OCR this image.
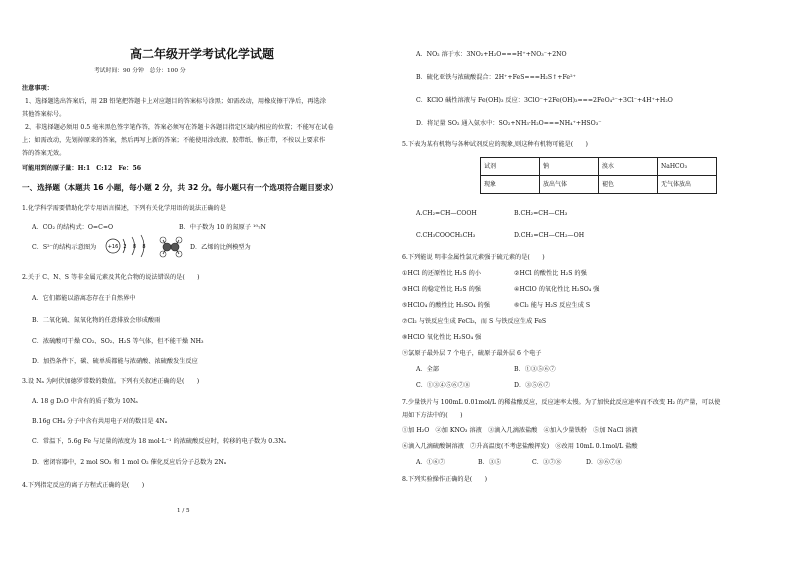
高二年级开学考试化学试题
考试时间：90 分钟　总分：100 分
注意事项：
1、选择题选出答案后，用 2B 铅笔把答题卡上对应题目的答案标号涂黑；如需改动，用橡皮擦干净后，再选涂
其他答案标号。
2、非选择题必须用 0.5 毫米黑色签字笔作答，答案必须写在答题卡各题目指定区域内相应的位置；不能写在试卷
上；如需改动，先划掉原来的答案，然后再写上新的答案；不能使用涂改液、胶带纸、修正带，不按以上要求作
答的答案无效。
可能用到的原子量：H:1　C:12　Fe：56
一、选择题（本题共 16 小题，每小题 2 分，共 32 分。每小题只有一个选项符合题目要求）
1.化学科学需要借助化学专用语言描述，下列有关化学用语的说法正确的是
A．CO₂ 的结构式：O=C=O	B．中子数为 10 的氮原子 ¹⁰₇N
C．S²⁻的结构示意图为 +16 2 8 8	D．乙烯的比例模型为
2.关于 C、N、S 等非金属元素及其化合物的说法错误的是(　　)
A．它们都能以游离态存在于自然界中
B．二氧化硫、氮氧化物的任意排放会形成酸雨
C．浓硫酸可干燥 CO₂、SO₂、H₂S 等气体，但不能干燥 NH₃
D．加热条件下，碳、硫单质都能与浓硝酸、浓硫酸发生反应
3.设 Nₐ 为阿伏加德罗常数的数值。下列有关叙述正确的是(　　)
A. 18 g D₂O 中含有的质子数为 10Nₐ
B.16g CH₄ 分子中含有共用电子对的数目是 4Nₐ
C．常温下，5.6g Fe 与足量的浓度为 18 mol·L⁻¹ 的浓硫酸反应时，转移的电子数为 0.3Nₐ
D．密闭容器中，2 mol SO₂ 和 1 mol O₂ 催化反应后分子总数为 2Nₐ
4.下列指定反应的离子方程式正确的是(　　)
1 / 5
A．NO₂ 溶于水：3NO₂+H₂O===H⁺+NO₃⁻+2NO
B．硫化亚铁与浓硫酸混合：2H⁺+FeS===H₂S↑+Fe²⁺
C．KClO 碱性溶液与 Fe(OH)₃ 反应：3ClO⁻+2Fe(OH)₃===2FeO₄²⁻+3Cl⁻+4H⁺+H₂O
D．将足量 SO₂ 通入氨水中：SO₂+NH₃·H₂O===NH₄⁺+HSO₃⁻
5.下表为某有机物与各种试剂反应的现象,则这种有机物可能是(　　)
试剂	钠	溴水	NaHCO₃
现象	放出气体	褪色	无气体放出
A.CH₂=CH—COOH	B.CH₂=CH—CH₃
C.CH₃COOCH₂CH₃	D.CH₂=CH—CH₂—OH
6.下列能说 明非金属性氯元素强于硫元素的是(　　)
①HCl 的还原性比 H₂S 的小	②HCl 的酸性比 H₂S 的强
③HCl 的稳定性比 H₂S 的强	④HClO 的氧化性比 H₂SO₄ 强
⑤HClO₄ 的酸性比 H₂SO₄ 的强	⑥Cl₂ 能与 H₂S 反应生成 S
⑦Cl₂ 与铁反应生成 FeCl₃，而 S 与铁反应生成 FeS
⑧HClO 氧化性比 H₂SO₄ 强
⑨氯原子最外层 7 个电子，硫原子最外层 6 个电子
A．全部	B．①③⑤⑥⑦
C．①③④⑤⑥⑦⑧	D．③⑤⑥⑦
7.少量铁片与 100mL 0.01mol/L 的稀盐酸反应，反应速率太慢。为了加快此反应速率而不改变 H₂ 的产量，可以使
用如下方法中的(　　)
①加 H₂O　②加 KNO₃ 溶液　③滴入几滴浓盐酸　④加入少量铁粉　⑤加 NaCl 溶液
⑥滴入几滴硫酸铜溶液　⑦升高温度(不考虑盐酸挥发)　⑧改用 10mL 0.1mol/L 盐酸
A．①⑥⑦	B．③⑤	C．③⑦⑧	D．③⑥⑦⑧
8.下列实验操作正确的是(　　)
